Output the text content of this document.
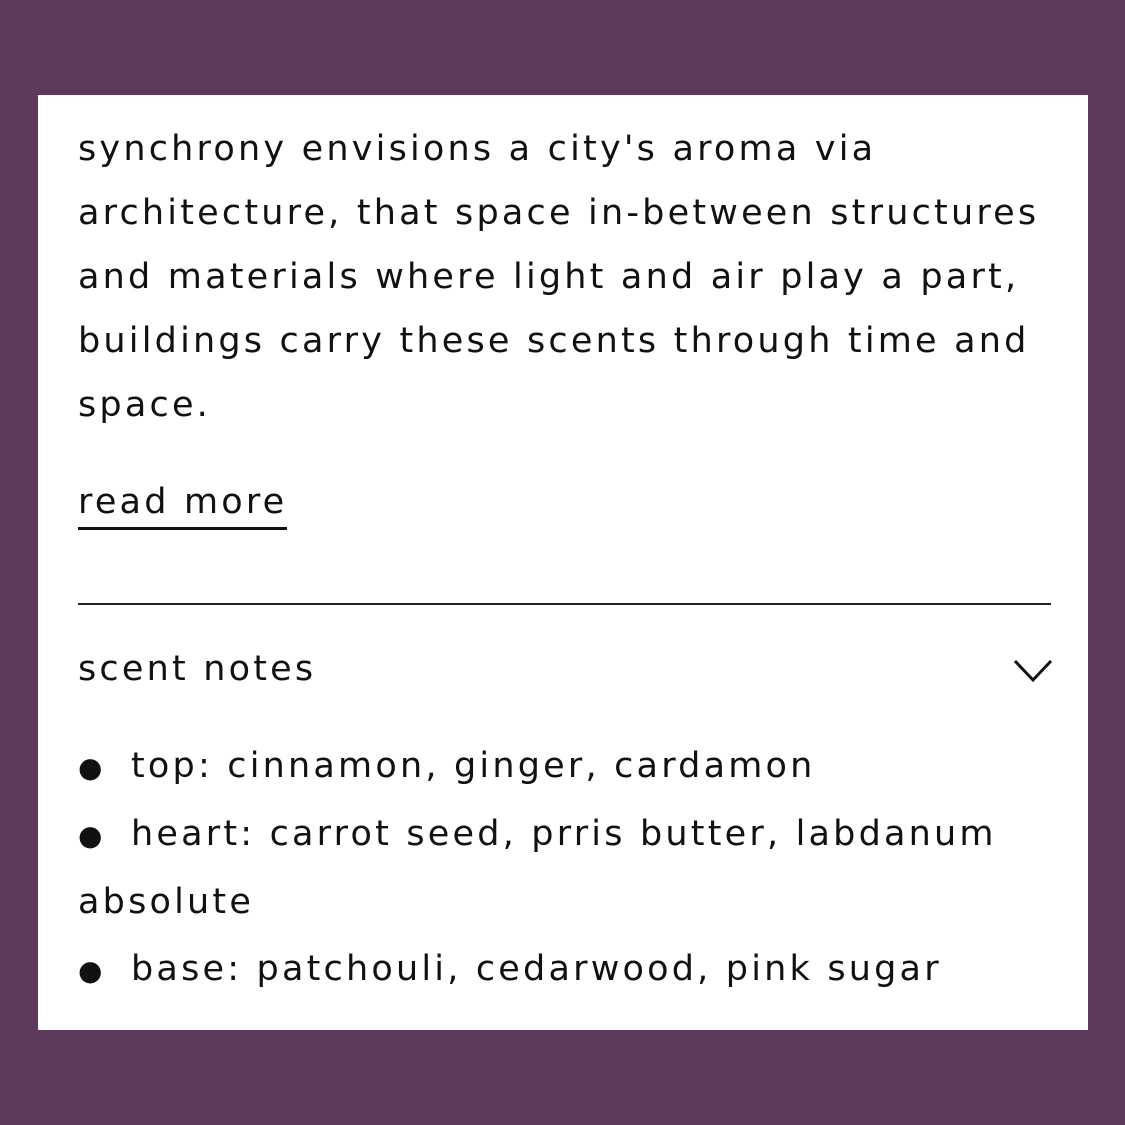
synchrony envisions a city's aroma via architecture, that space in-between structures and materials where light and air play a part, buildings carry these scents through time and space.

read more
scent notes
● top: cinnamon, ginger, cardamon
● heart: carrot seed, prris butter, labdanum absolute
● base: patchouli, cedarwood, pink sugar
